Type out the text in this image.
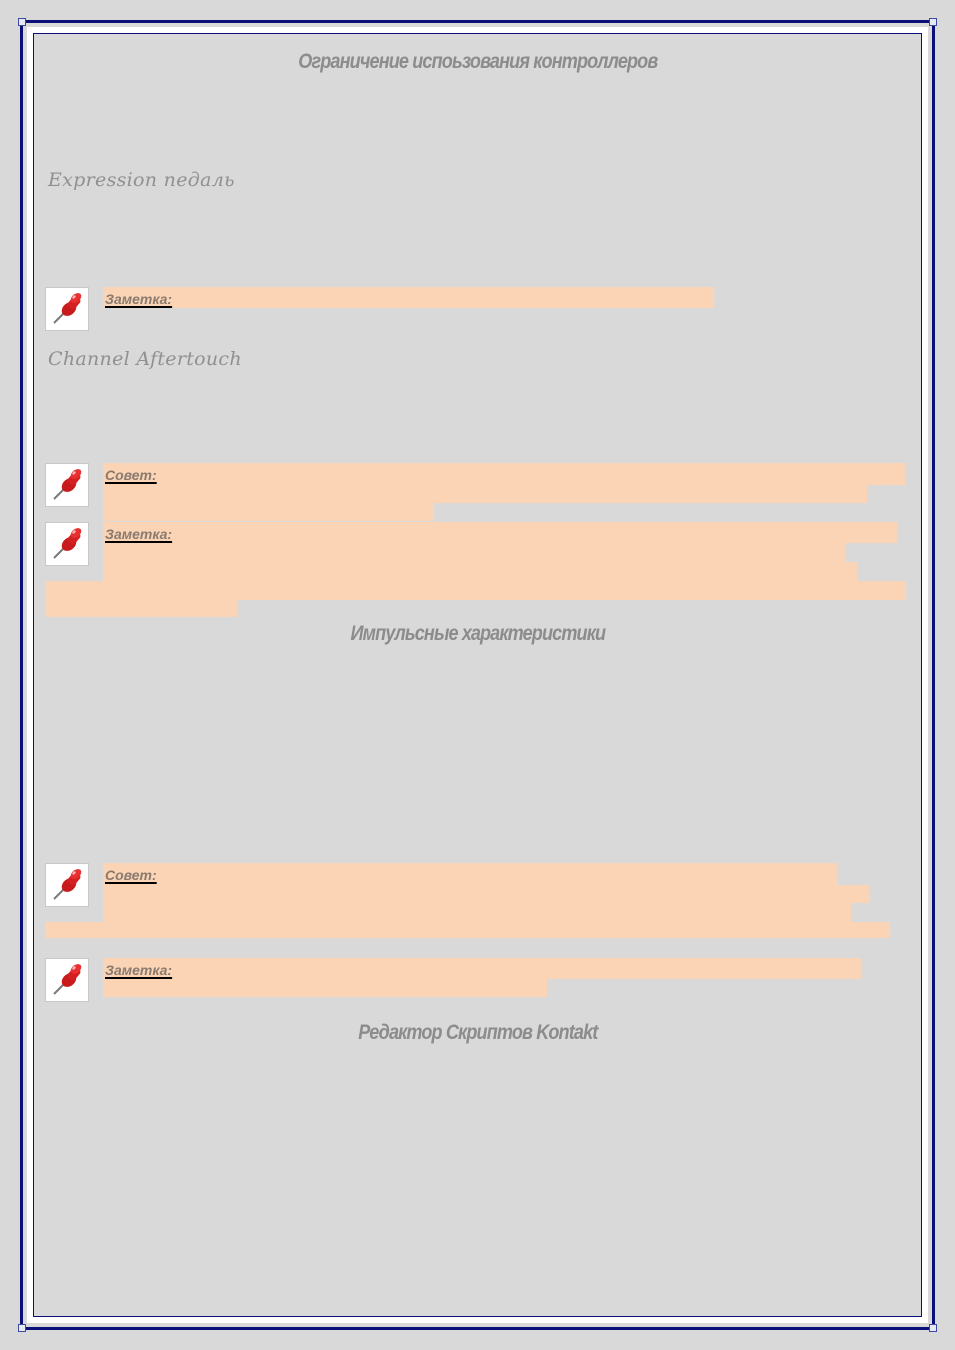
Ограничение испоьзования контроллеров
Expression педаль
Заметка:
Channel Aftertouch
Совет:
Заметка:
Импульсные характеристики
Совет:
Заметка:
Редактор Скриптов Kontakt
